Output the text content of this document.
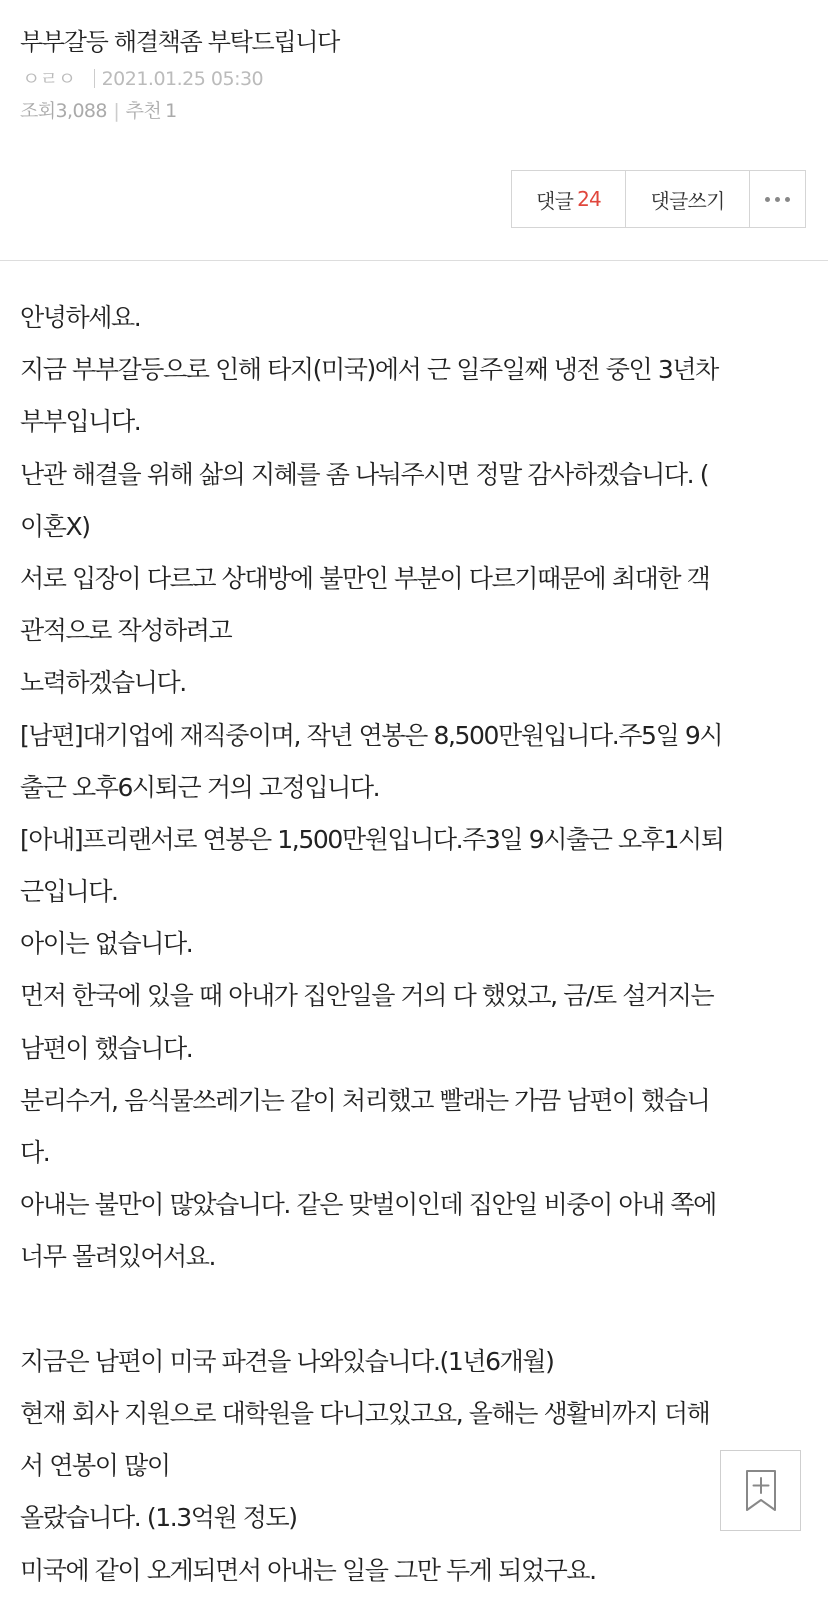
부부갈등 해결책좀 부탁드립니다
ㅇㄹㅇ 2021.01.25 05:30
조회3,088 | 추천 1
댓글 24	댓글쓰기
안녕하세요.
지금 부부갈등으로 인해 타지(미국)에서 근 일주일째 냉전 중인 3년차
부부입니다.
난관 해결을 위해 삶의 지혜를 좀 나눠주시면 정말 감사하겠습니다. (
이혼X)
서로 입장이 다르고 상대방에 불만인 부분이 다르기때문에 최대한 객
관적으로 작성하려고
노력하겠습니다.
[남편]대기업에 재직중이며, 작년 연봉은 8,500만원입니다.주5일 9시
출근 오후6시퇴근 거의 고정입니다.
[아내]프리랜서로 연봉은 1,500만원입니다.주3일 9시출근 오후1시퇴
근입니다.
아이는 없습니다.
먼저 한국에 있을 때 아내가 집안일을 거의 다 했었고, 금/토 설거지는
남편이 했습니다.
분리수거, 음식물쓰레기는 같이 처리했고 빨래는 가끔 남편이 했습니
다.
아내는 불만이 많았습니다. 같은 맞벌이인데 집안일 비중이 아내 쪽에
너무 몰려있어서요.

지금은 남편이 미국 파견을 나와있습니다.(1년6개월)
현재 회사 지원으로 대학원을 다니고있고요, 올해는 생활비까지 더해
서 연봉이 많이
올랐습니다. (1.3억원 정도)
미국에 같이 오게되면서 아내는 일을 그만 두게 되었구요.
